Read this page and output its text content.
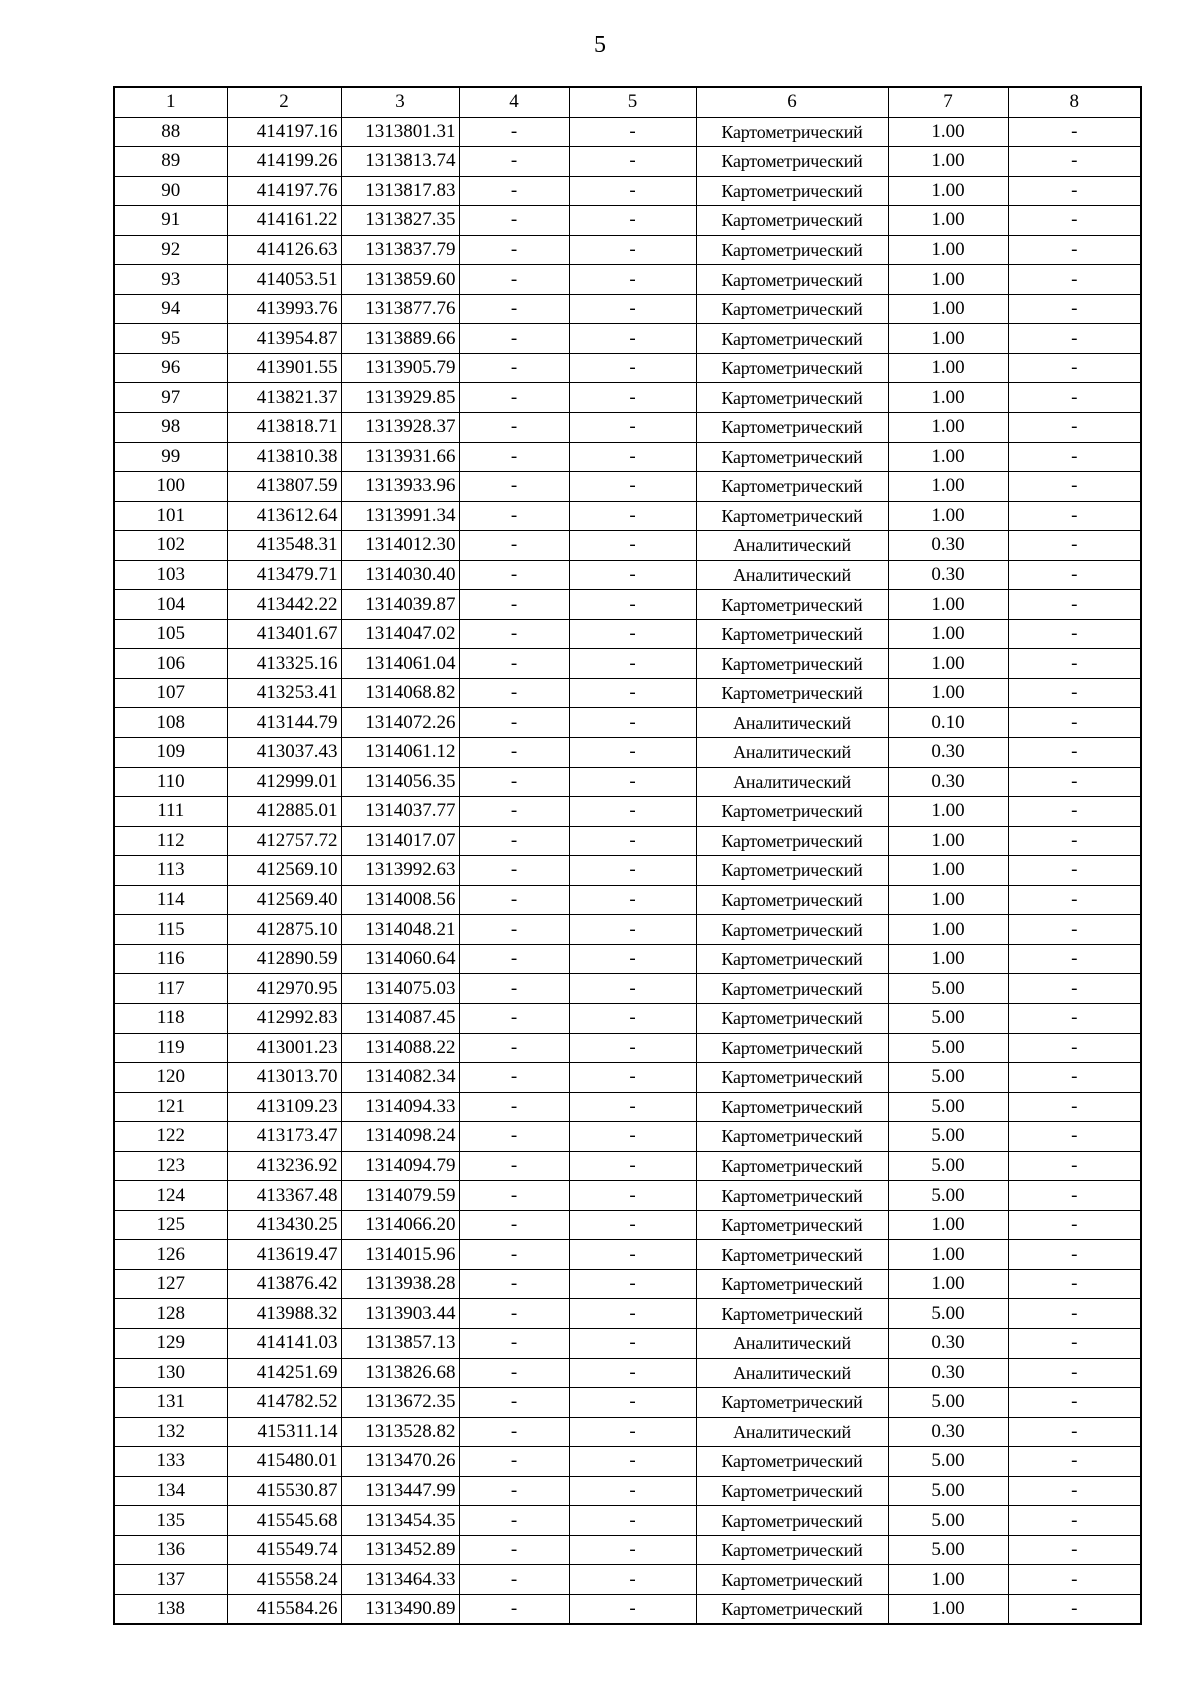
5
1	2	3	4	5	6	7	8
88	414197.16	1313801.31	-	-	Картометрический	1.00	-
89	414199.26	1313813.74	-	-	Картометрический	1.00	-
90	414197.76	1313817.83	-	-	Картометрический	1.00	-
91	414161.22	1313827.35	-	-	Картометрический	1.00	-
92	414126.63	1313837.79	-	-	Картометрический	1.00	-
93	414053.51	1313859.60	-	-	Картометрический	1.00	-
94	413993.76	1313877.76	-	-	Картометрический	1.00	-
95	413954.87	1313889.66	-	-	Картометрический	1.00	-
96	413901.55	1313905.79	-	-	Картометрический	1.00	-
97	413821.37	1313929.85	-	-	Картометрический	1.00	-
98	413818.71	1313928.37	-	-	Картометрический	1.00	-
99	413810.38	1313931.66	-	-	Картометрический	1.00	-
100	413807.59	1313933.96	-	-	Картометрический	1.00	-
101	413612.64	1313991.34	-	-	Картометрический	1.00	-
102	413548.31	1314012.30	-	-	Аналитический	0.30	-
103	413479.71	1314030.40	-	-	Аналитический	0.30	-
104	413442.22	1314039.87	-	-	Картометрический	1.00	-
105	413401.67	1314047.02	-	-	Картометрический	1.00	-
106	413325.16	1314061.04	-	-	Картометрический	1.00	-
107	413253.41	1314068.82	-	-	Картометрический	1.00	-
108	413144.79	1314072.26	-	-	Аналитический	0.10	-
109	413037.43	1314061.12	-	-	Аналитический	0.30	-
110	412999.01	1314056.35	-	-	Аналитический	0.30	-
111	412885.01	1314037.77	-	-	Картометрический	1.00	-
112	412757.72	1314017.07	-	-	Картометрический	1.00	-
113	412569.10	1313992.63	-	-	Картометрический	1.00	-
114	412569.40	1314008.56	-	-	Картометрический	1.00	-
115	412875.10	1314048.21	-	-	Картометрический	1.00	-
116	412890.59	1314060.64	-	-	Картометрический	1.00	-
117	412970.95	1314075.03	-	-	Картометрический	5.00	-
118	412992.83	1314087.45	-	-	Картометрический	5.00	-
119	413001.23	1314088.22	-	-	Картометрический	5.00	-
120	413013.70	1314082.34	-	-	Картометрический	5.00	-
121	413109.23	1314094.33	-	-	Картометрический	5.00	-
122	413173.47	1314098.24	-	-	Картометрический	5.00	-
123	413236.92	1314094.79	-	-	Картометрический	5.00	-
124	413367.48	1314079.59	-	-	Картометрический	5.00	-
125	413430.25	1314066.20	-	-	Картометрический	1.00	-
126	413619.47	1314015.96	-	-	Картометрический	1.00	-
127	413876.42	1313938.28	-	-	Картометрический	1.00	-
128	413988.32	1313903.44	-	-	Картометрический	5.00	-
129	414141.03	1313857.13	-	-	Аналитический	0.30	-
130	414251.69	1313826.68	-	-	Аналитический	0.30	-
131	414782.52	1313672.35	-	-	Картометрический	5.00	-
132	415311.14	1313528.82	-	-	Аналитический	0.30	-
133	415480.01	1313470.26	-	-	Картометрический	5.00	-
134	415530.87	1313447.99	-	-	Картометрический	5.00	-
135	415545.68	1313454.35	-	-	Картометрический	5.00	-
136	415549.74	1313452.89	-	-	Картометрический	5.00	-
137	415558.24	1313464.33	-	-	Картометрический	1.00	-
138	415584.26	1313490.89	-	-	Картометрический	1.00	-
